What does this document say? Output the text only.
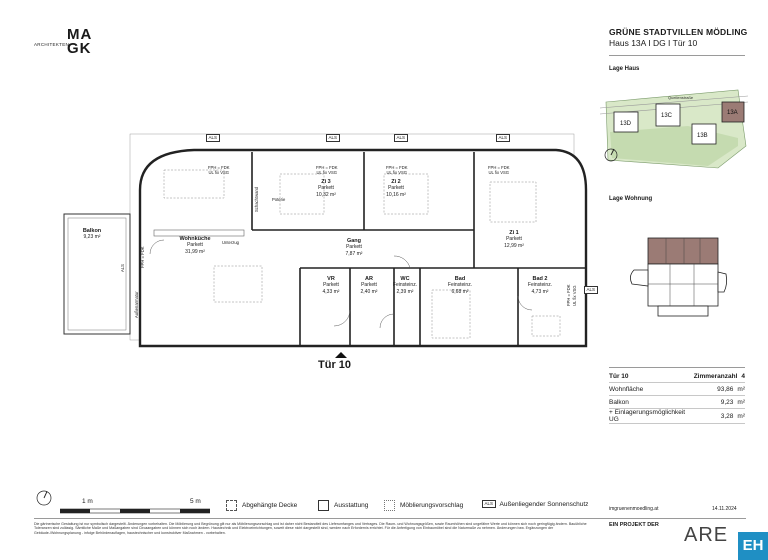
MA
ARCHITEKTEN
GK
GRÜNE STADTVILLEN MÖDLING
Haus 13A I DG I Tür 10
Lage Haus
Quellenstraße
13A
13C
13D
13B
Lage Wohnung
ALS	ALS	ALS	ALS
FPH = FDK
UL fix VSG
FPH = FDK
UL fix VSG
FPH = FDK
UL fix VSG
FPH = FDK
UL fix VSG
FPH = FDK
ALS
Außenarmatur
Schachtwand
FPH = FDK UL fix VSG	ALS
Poterie
Unterzug
Balkon
9,23 m²	Wohnküche
Parkett
31,99 m²
Zi 3
Parkett
10,32 m²
Zi 2
Parkett
10,16 m²
Gang
Parkett
7,87 m²
Zi 1
Parkett
12,99 m²
VR
Parkett
4,33 m²
AR
Parkett
2,40 m²
WC
Feinsteinz.
2,39 m²
Bad
Feinsteinz.
6,68 m²
Bad 2
Feinsteinz.
4,73 m²
Tür 10
Tür 10	Zimmeranzahl	4
Wohnfläche	93,86	m²
Balkon	9,23	m²
+ Einlagerungsmöglichkeit UG	3,28	m²
1 m	5 m
Abgehängte Decke	Ausstattung	Möblierungsvorschlag	ALS	Außenliegender Sonnenschutz
imgruenenmoedling.at	14.11.2024
Die gärtnerische Gestaltung ist nur symbolisch dargestellt. Änderungen vorbehalten. Die Möblierung und Begrünung gilt nur als Möblierungsvorschlag und ist daher nicht Bestandteil des Lieferumfanges und Vertrages. Die Raum- und Wohnungsgrößen, sowie Raumhöhen sind ungefähre Werte und können sich noch geringfügig ändern. Bauübliche Toleranzen sind zulässig. Sämtliche Maße und Maßangaben sind Circaangaben und können sich noch ändern. Haustechnik und Elektroeinrichtungen, soweit diese nicht dargestellt sind, werden nach Erfordernis errichtet. Für die Anfertigung von Einbaumöbel sind die Naturmaße zu nehmen. Änderungen bzw. Ergänzungen der Gebäude-/Wohnungsplanung - infolge Behördenauflagen, haustechnischer und konstruktiver Maßnahmen - vorbehalten.
EIN PROJEKT DER ARE EH
